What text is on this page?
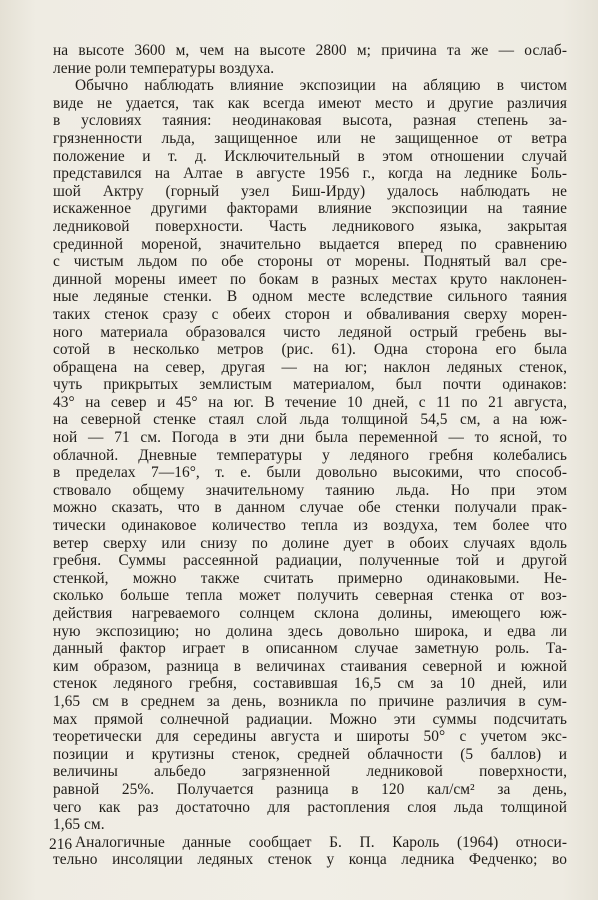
на высоте 3600 м, чем на высоте 2800 м; причина та же — ослаб-
ление роли температуры воздуха.

Обычно наблюдать влияние экспозиции на абляцию в чистом
виде не удается, так как всегда имеют место и другие различия
в условиях таяния: неодинаковая высота, разная степень за-
грязненности льда, защищенное или не защищенное от ветра
положение и т. д. Исключительный в этом отношении случай
представился на Алтае в августе 1956 г., когда на леднике Боль-
шой Актру (горный узел Биш-Ирду) удалось наблюдать не
искаженное другими факторами влияние экспозиции на таяние
ледниковой поверхности. Часть ледникового языка, закрытая
срединной мореной, значительно выдается вперед по сравнению
с чистым льдом по обе стороны от морены. Поднятый вал сре-
динной морены имеет по бокам в разных местах круто наклонен-
ные ледяные стенки. В одном месте вследствие сильного таяния
таких стенок сразу с обеих сторон и обваливания сверху морен-
ного материала образовался чисто ледяной острый гребень вы-
сотой в несколько метров (рис. 61). Одна сторона его была
обращена на север, другая — на юг; наклон ледяных стенок,
чуть прикрытых землистым материалом, был почти одинаков:
43° на север и 45° на юг. В течение 10 дней, с 11 по 21 августа,
на северной стенке стаял слой льда толщиной 54,5 см, а на юж-
ной — 71 см. Погода в эти дни была переменной — то ясной, то
облачной. Дневные температуры у ледяного гребня колебались
в пределах 7—16°, т. е. были довольно высокими, что способ-
ствовало общему значительному таянию льда. Но при этом
можно сказать, что в данном случае обе стенки получали прак-
тически одинаковое количество тепла из воздуха, тем более что
ветер сверху или снизу по долине дует в обоих случаях вдоль
гребня. Суммы рассеянной радиации, полученные той и другой
стенкой, можно также считать примерно одинаковыми. Не-
сколько больше тепла может получить северная стенка от воз-
действия нагреваемого солнцем склона долины, имеющего юж-
ную экспозицию; но долина здесь довольно широка, и едва ли
данный фактор играет в описанном случае заметную роль. Та-
ким образом, разница в величинах стаивания северной и южной
стенок ледяного гребня, составившая 16,5 см за 10 дней, или
1,65 см в среднем за день, возникла по причине различия в сум-
мах прямой солнечной радиации. Можно эти суммы подсчитать
теоретически для середины августа и широты 50° с учетом экс-
позиции и крутизны стенок, средней облачности (5 баллов) и
величины альбедо загрязненной ледниковой поверхности,
равной 25%. Получается разница в 120 кал/см² за день,
чего как раз достаточно для растопления слоя льда толщиной
1,65 см.

Аналогичные данные сообщает Б. П. Кароль (1964) относи-
тельно инсоляции ледяных стенок у конца ледника Федченко; во

216
